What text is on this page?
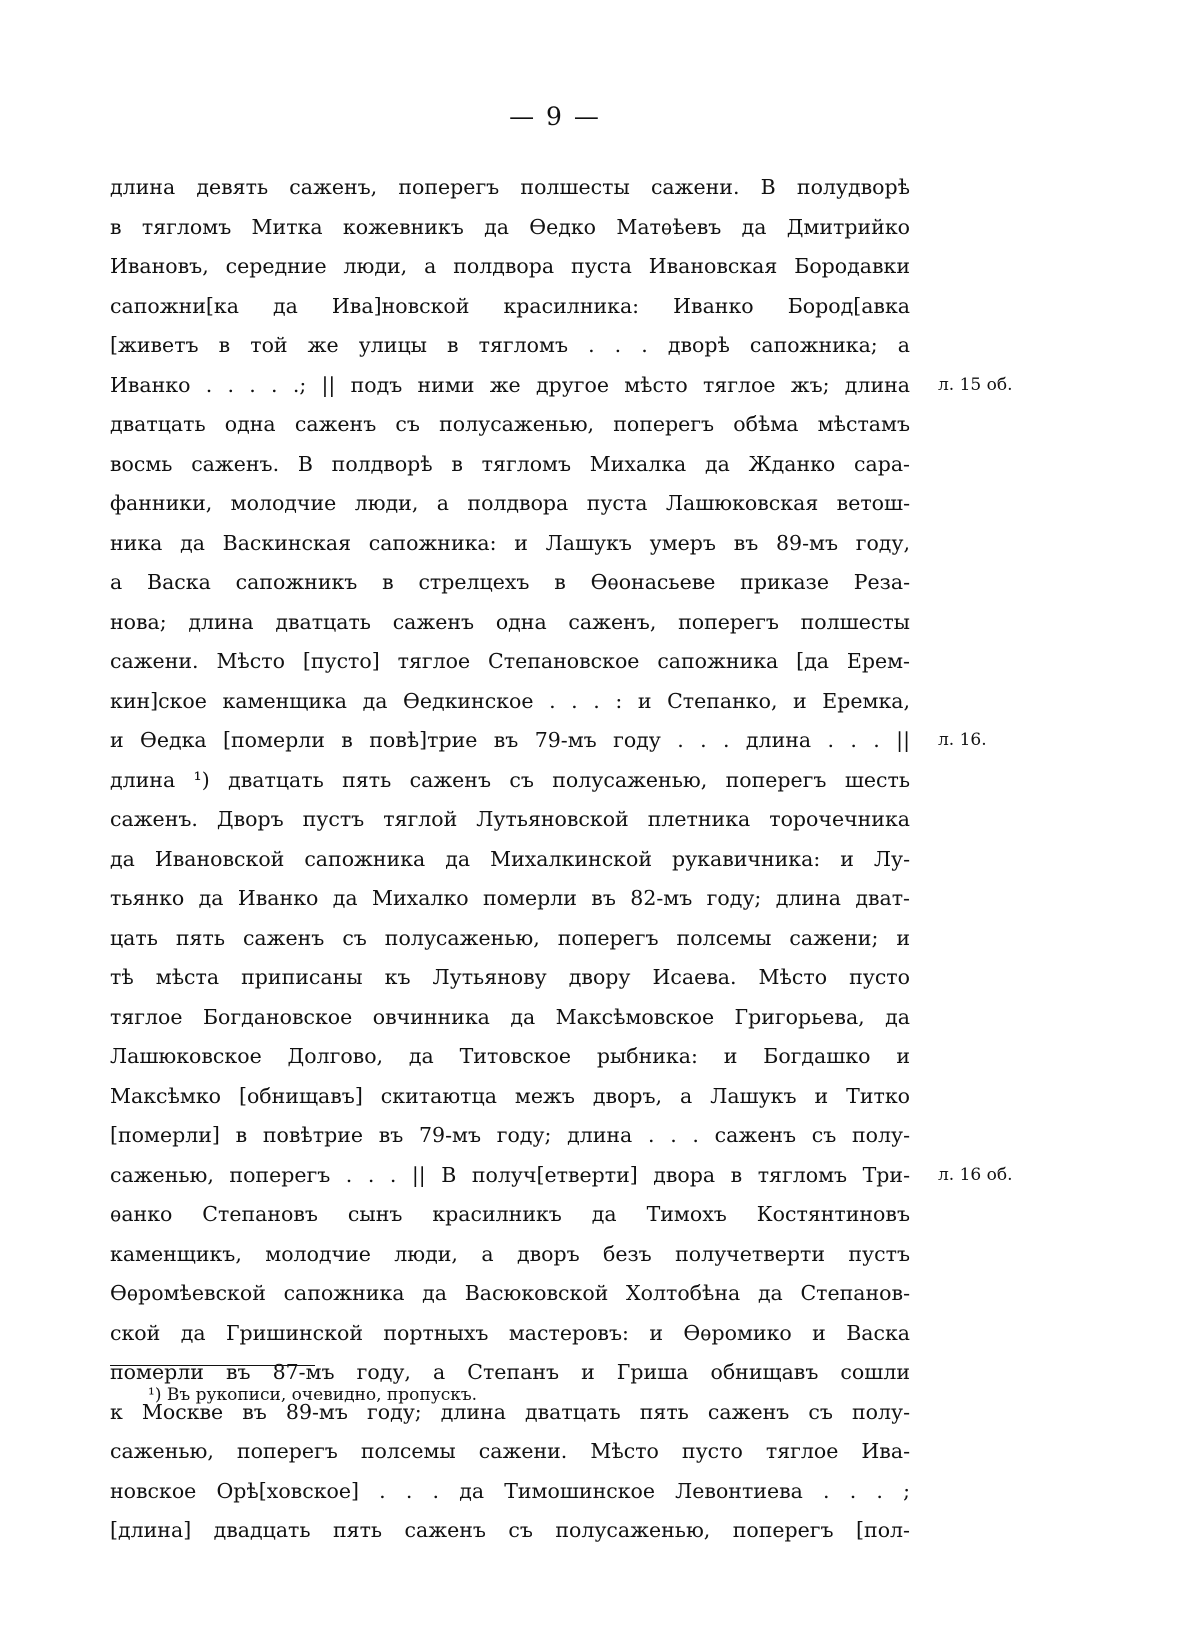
— 9 —
длина девять саженъ, поперегъ полшесты сажени. В полудворѣ
в тягломъ Митка кожевникъ да Ѳедко Матѳѣевъ да Дмитрийко
Ивановъ, середние люди, а полдвора пуста Ивановская Бородавки
сапожни[ка да Ива]новской красилника: Иванко Бород[авка
[живетъ в той же улицы в тягломъ . . . дворѣ сапожника; а
Иванко . . . . .; || подъ ними же другое мѣсто тяглое жъ; длина
дватцать одна саженъ съ полусаженью, поперегъ обѣма мѣстамъ
восмь саженъ. В полдворѣ в тягломъ Михалка да Жданко сара-
фанники, молодчие люди, а полдвора пуста Лашюковская ветош-
ника да Васкинская сапожника: и Лашукъ умеръ въ 89-мъ году,
а Васка сапожникъ в стрелцехъ в Ѳѳонасьеве приказе Реза-
нова; длина дватцать саженъ одна саженъ, поперегъ полшесты
сажени. Мѣсто [пусто] тяглое Степановское сапожника [да Ерем-
кин]ское каменщика да Ѳедкинское . . . : и Степанко, и Еремка,
и Ѳедка [померли в повѣ]трие въ 79-мъ году . . . длина . . . ||
длина ¹) дватцать пять саженъ съ полусаженью, поперегъ шесть
саженъ. Дворъ пустъ тяглой Лутьяновской плетника торочечника
да Ивановской сапожника да Михалкинской рукавичника: и Лу-
тьянко да Иванко да Михалко померли въ 82-мъ году; длина дват-
цать пять саженъ съ полусаженью, поперегъ полсемы сажени; и
тѣ мѣста приписаны къ Лутьянову двору Исаева. Мѣсто пусто
тяглое Богдановское овчинника да Максѣмовское Григорьева, да
Лашюковское Долгово, да Титовское рыбника: и Богдашко и
Максѣмко [обнищавъ] скитаютца межъ дворъ, а Лашукъ и Титко
[померли] в повѣтрие въ 79-мъ году; длина . . . саженъ съ полу-
саженью, поперегъ . . . || В получ[етверти] двора в тягломъ Три-
ѳанко Степановъ сынъ красилникъ да Тимохъ Костянтиновъ
каменщикъ, молодчие люди, а дворъ безъ получетверти пустъ
Ѳѳромѣевской сапожника да Васюковской Холтобѣна да Степанов-
ской да Гришинской портныхъ мастеровъ: и Ѳѳромико и Васка
померли въ 87-мъ году, а Степанъ и Гриша обнищавъ сошли
к Москве въ 89-мъ году; длина дватцать пять саженъ съ полу-
саженью, поперегъ полсемы сажени. Мѣсто пусто тяглое Ива-
новское Орѣ[ховское] . . . да Тимошинское Левонтиева . . . ;
[длина] двадцать пять саженъ съ полусаженью, поперегъ [пол-
л. 15 об.
л. 16.
л. 16 об.
¹) Въ рукописи, очевидно, пропускъ.
